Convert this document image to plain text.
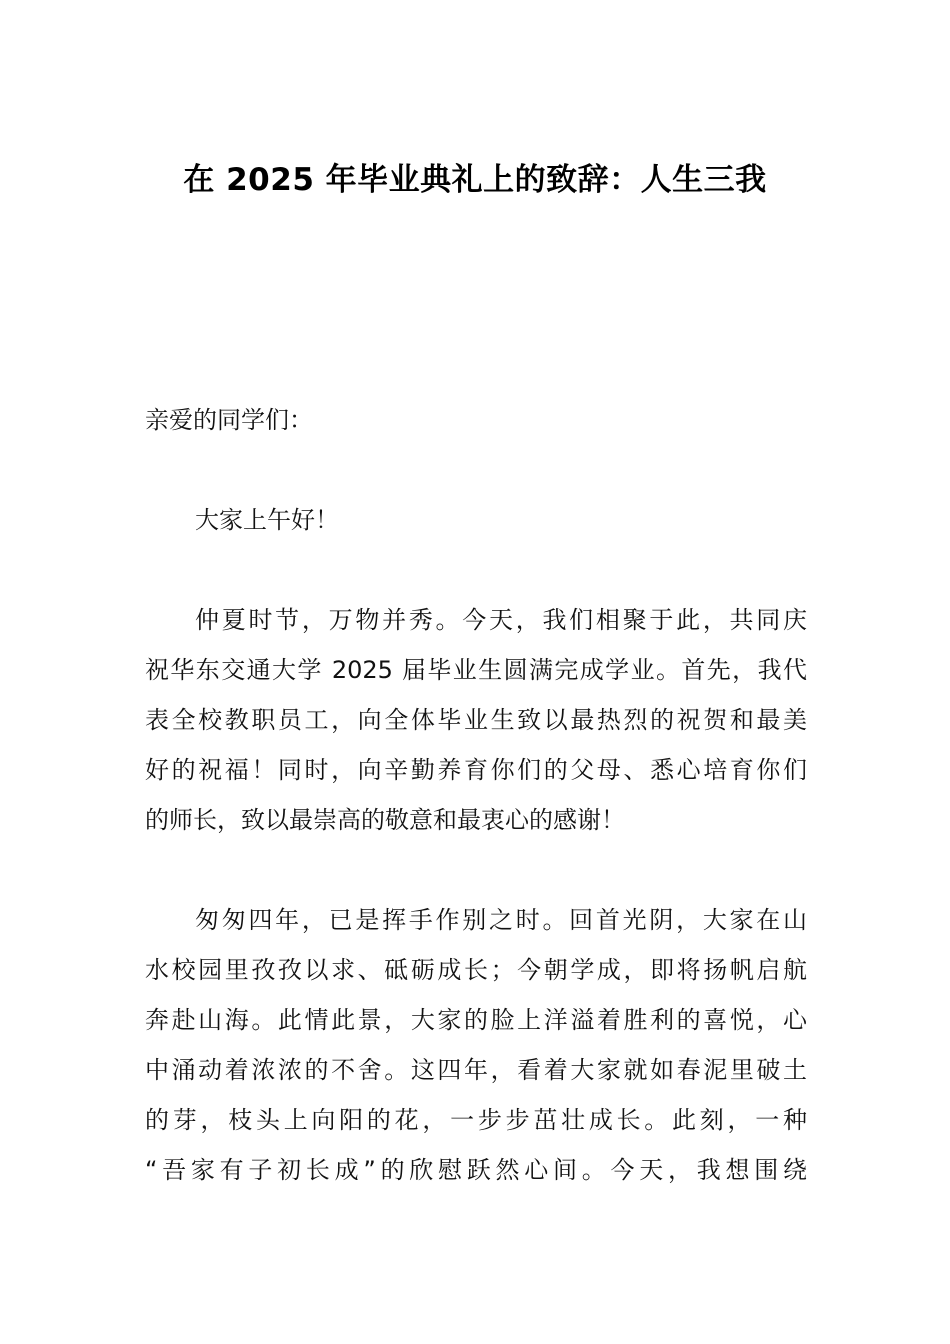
在 2025 年毕业典礼上的致辞：人生三我
亲爱的同学们：
大家上午好！
仲夏时节，万物并秀。今天，我们相聚于此，共同庆
祝华东交通大学 2025 届毕业生圆满完成学业。首先，我代
表全校教职员工，向全体毕业生致以最热烈的祝贺和最美
好的祝福！同时，向辛勤养育你们的父母、悉心培育你们
的师长，致以最崇高的敬意和最衷心的感谢！
匆匆四年，已是挥手作别之时。回首光阴，大家在山
水校园里孜孜以求、砥砺成长；今朝学成，即将扬帆启航
奔赴山海。此情此景，大家的脸上洋溢着胜利的喜悦，心
中涌动着浓浓的不舍。这四年，看着大家就如春泥里破土
的芽，枝头上向阳的花，一步步茁壮成长。此刻，一种
“吾家有子初长成”的欣慰跃然心间。今天，我想围绕
